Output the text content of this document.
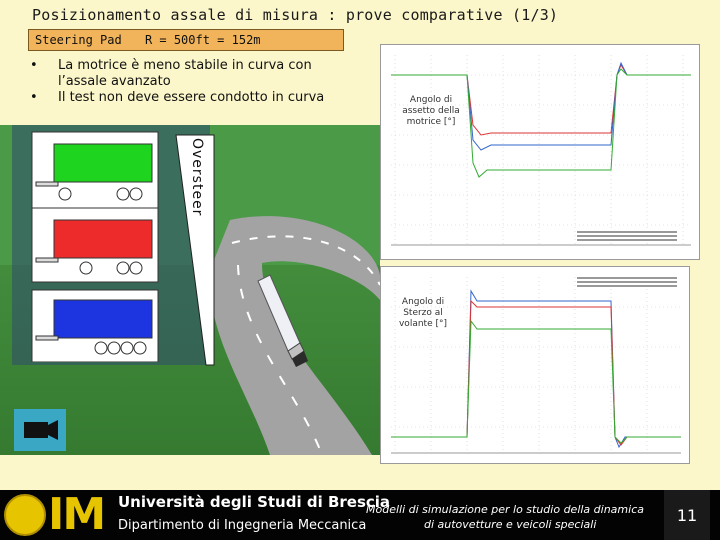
Posizionamento assale di misura : prove comparative (1/3)
Steering Pad R = 500ft = 152m
• La motrice è meno stabile in curva con l’assale avanzato
• Il test non deve essere condotto in curva
Oversteer
Angolo di assetto della motrice [°]
Angolo di Sterzo al volante [°]
IM Università degli Studi di Brescia
Dipartimento di Ingegneria Meccanica
Modelli di simulazione per lo studio della dinamica
di autovetture e veicoli speciali	11
